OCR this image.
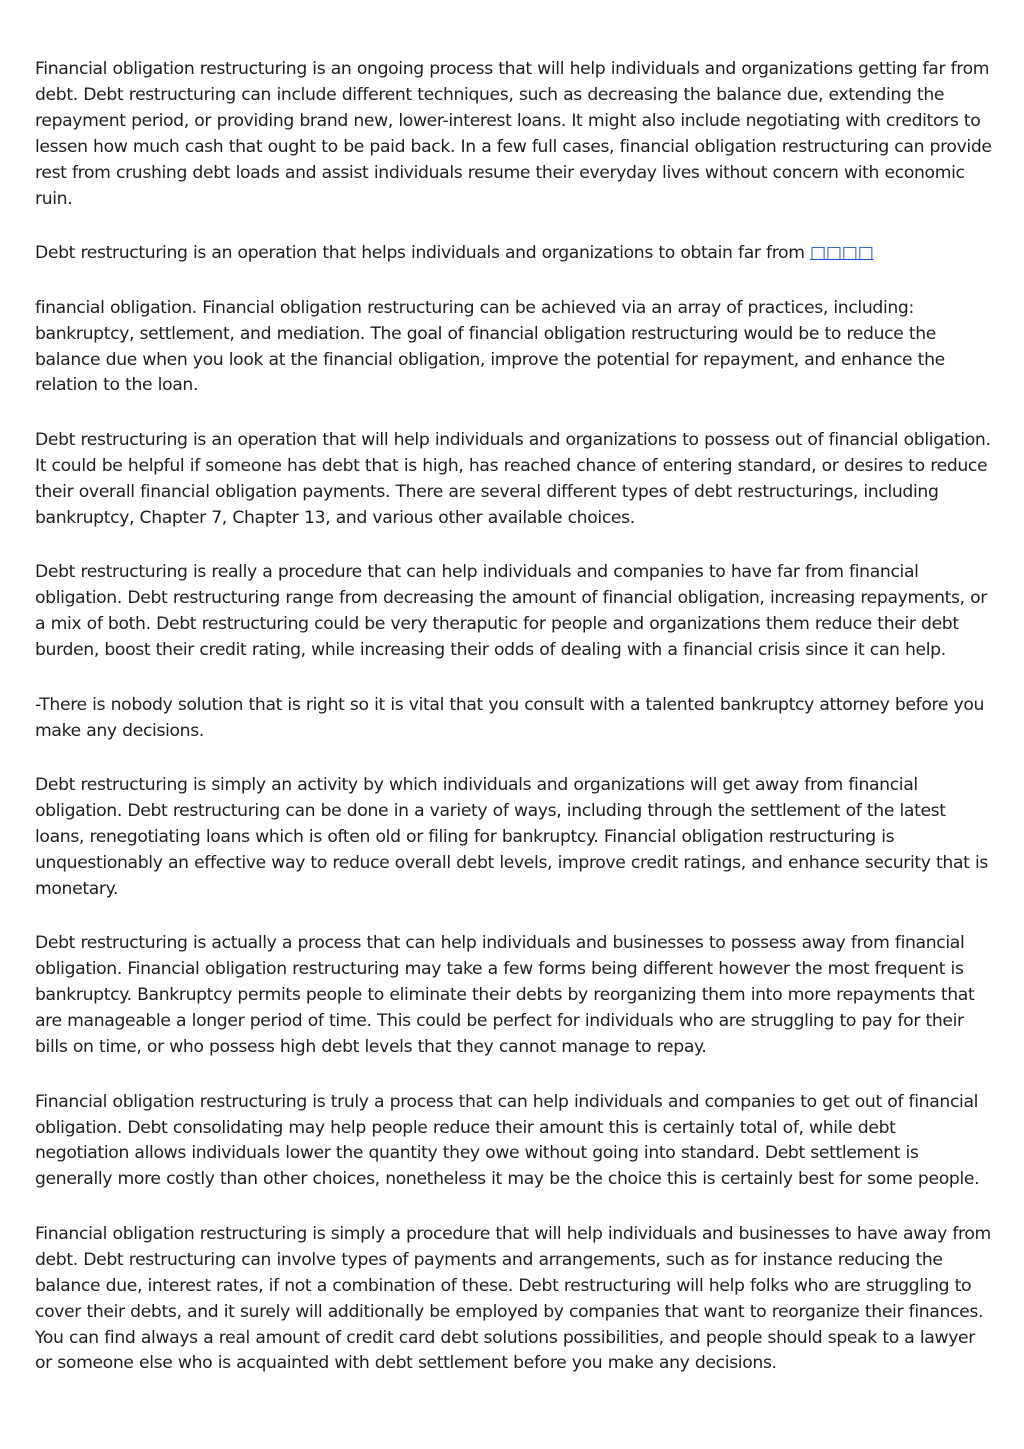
Financial obligation restructuring is an ongoing process that will help individuals and organizations getting far from debt. Debt restructuring can include different techniques, such as decreasing the balance due, extending the repayment period, or providing brand new, lower-interest loans. It might also include negotiating with creditors to lessen how much cash that ought to be paid back. In a few full cases, financial obligation restructuring can provide rest from crushing debt loads and assist individuals resume their everyday lives without concern with economic ruin.

Debt restructuring is an operation that helps individuals and organizations to obtain far from □□□□

financial obligation. Financial obligation restructuring can be achieved via an array of practices, including: bankruptcy, settlement, and mediation. The goal of financial obligation restructuring would be to reduce the balance due when you look at the financial obligation, improve the potential for repayment, and enhance the relation to the loan.

Debt restructuring is an operation that will help individuals and organizations to possess out of financial obligation. It could be helpful if someone has debt that is high, has reached chance of entering standard, or desires to reduce their overall financial obligation payments. There are several different types of debt restructurings, including bankruptcy, Chapter 7, Chapter 13, and various other available choices.

Debt restructuring is really a procedure that can help individuals and companies to have far from financial obligation. Debt restructuring range from decreasing the amount of financial obligation, increasing repayments, or a mix of both. Debt restructuring could be very theraputic for people and organizations them reduce their debt burden, boost their credit rating, while increasing their odds of dealing with a financial crisis since it can help.

-There is nobody solution that is right so it is vital that you consult with a talented bankruptcy attorney before you make any decisions.

Debt restructuring is simply an activity by which individuals and organizations will get away from financial obligation. Debt restructuring can be done in a variety of ways, including through the settlement of the latest loans, renegotiating loans which is often old or filing for bankruptcy. Financial obligation restructuring is unquestionably an effective way to reduce overall debt levels, improve credit ratings, and enhance security that is monetary.

Debt restructuring is actually a process that can help individuals and businesses to possess away from financial obligation. Financial obligation restructuring may take a few forms being different however the most frequent is bankruptcy. Bankruptcy permits people to eliminate their debts by reorganizing them into more repayments that are manageable a longer period of time. This could be perfect for individuals who are struggling to pay for their bills on time, or who possess high debt levels that they cannot manage to repay.

Financial obligation restructuring is truly a process that can help individuals and companies to get out of financial obligation. Debt consolidating may help people reduce their amount this is certainly total of, while debt negotiation allows individuals lower the quantity they owe without going into standard. Debt settlement is generally more costly than other choices, nonetheless it may be the choice this is certainly best for some people.

Financial obligation restructuring is simply a procedure that will help individuals and businesses to have away from debt. Debt restructuring can involve types of payments and arrangements, such as for instance reducing the balance due, interest rates, if not a combination of these. Debt restructuring will help folks who are struggling to cover their debts, and it surely will additionally be employed by companies that want to reorganize their finances. You can find always a real amount of credit card debt solutions possibilities, and people should speak to a lawyer or someone else who is acquainted with debt settlement before you make any decisions.
